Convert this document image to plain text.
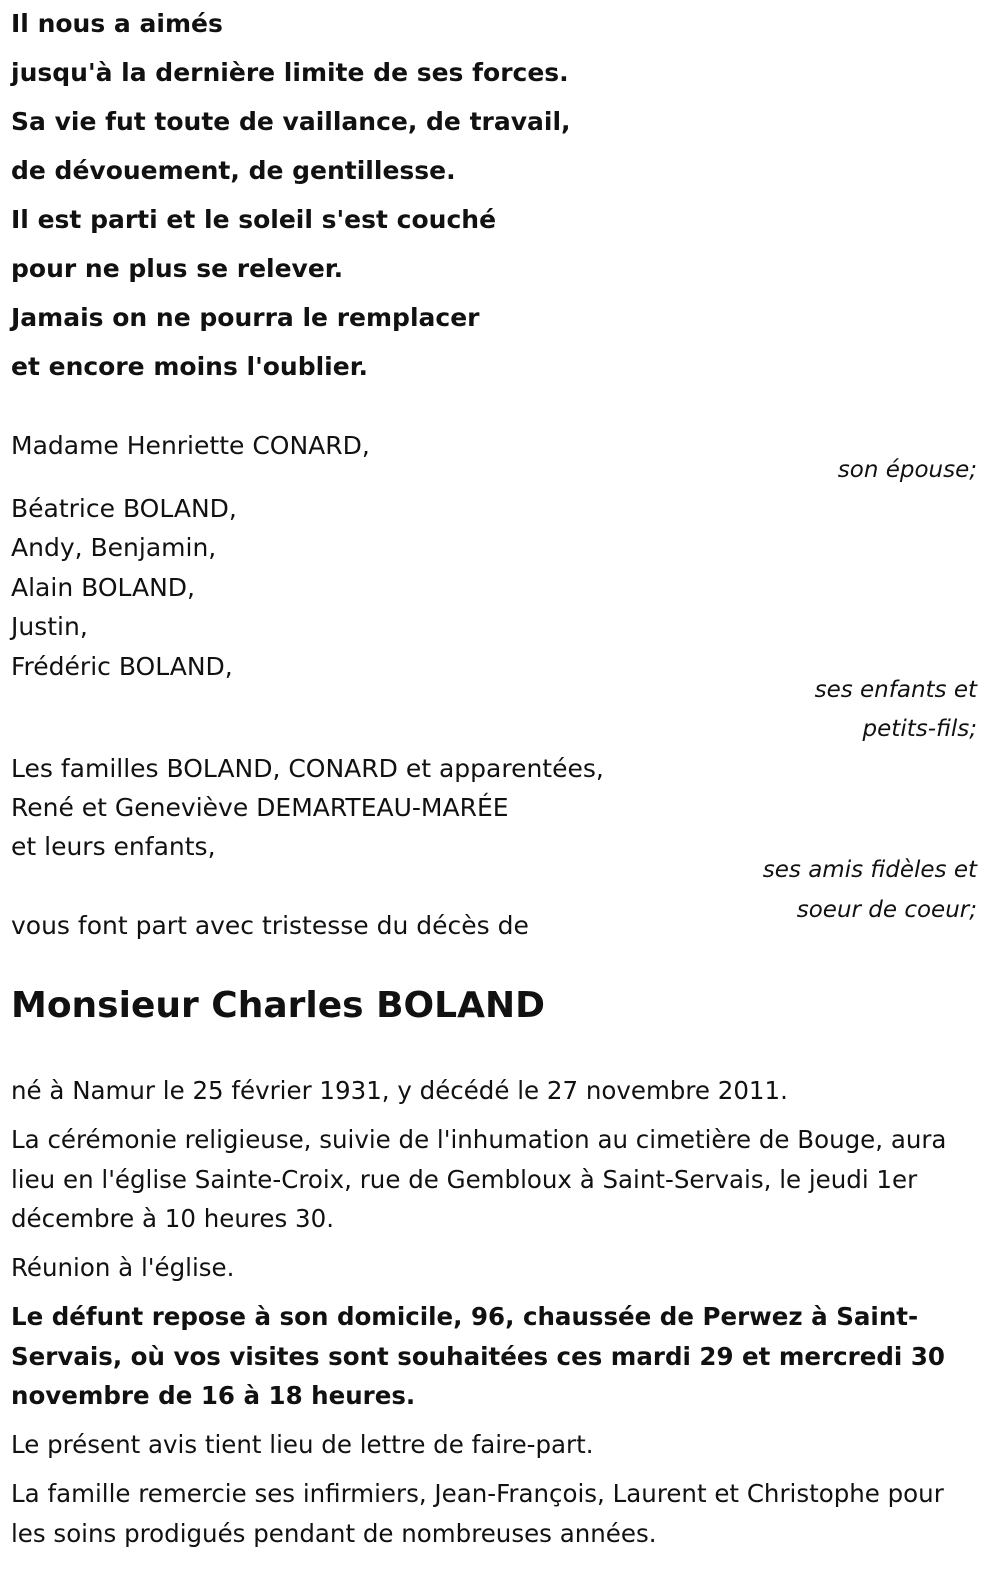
Il nous a aimés
jusqu'à la dernière limite de ses forces.
Sa vie fut toute de vaillance, de travail,
de dévouement, de gentillesse.
Il est parti et le soleil s'est couché
pour ne plus se relever.
Jamais on ne pourra le remplacer
et encore moins l'oublier.
Madame Henriette CONARD,
son épouse;
Béatrice BOLAND,
Andy, Benjamin,
Alain BOLAND,
Justin,
Frédéric BOLAND,
ses enfants et
petits-fils;
Les familles BOLAND, CONARD et apparentées,
René et Geneviève DEMARTEAU-MARÉE
et leurs enfants,
ses amis fidèles et
soeur de coeur;
vous font part avec tristesse du décès de
Monsieur Charles BOLAND
né à Namur le 25 février 1931, y décédé le 27 novembre 2011.
La cérémonie religieuse, suivie de l'inhumation au cimetière de Bouge, aura lieu en l'église Sainte-Croix, rue de Gembloux à Saint-Servais, le jeudi 1er décembre à 10 heures 30.
Réunion à l'église.
Le défunt repose à son domicile, 96, chaussée de Perwez à Saint-Servais, où vos visites sont souhaitées ces mardi 29 et mercredi 30 novembre de 16 à 18 heures.
Le présent avis tient lieu de lettre de faire-part.
La famille remercie ses infirmiers, Jean-François, Laurent et Christophe pour les soins prodigués pendant de nombreuses années.
